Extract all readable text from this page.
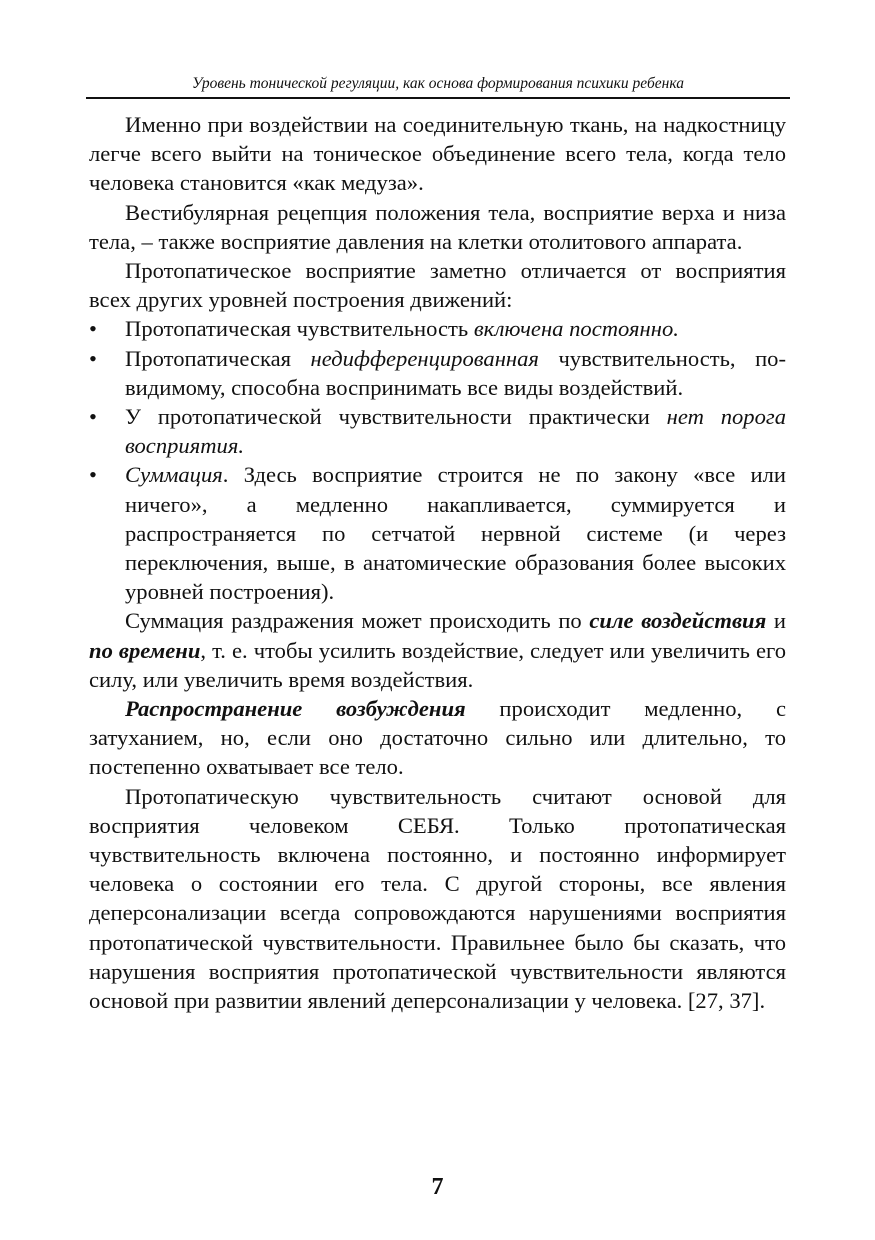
Уровень тонической регуляции, как основа формирования психики ребенка

Именно при воздействии на соединительную ткань, на надкостницу легче всего выйти на тоническое объединение всего тела, когда тело человека становится «как медуза».

Вестибулярная рецепция положения тела, восприятие верха и низа тела, – также восприятие давления на клетки отолитового аппарата.

Протопатическое восприятие заметно отличается от восприятия всех других уровней построения движений:

•	Протопатическая чувствительность включена постоянно.
•	Протопатическая недифференцированная чувствительность, по-видимому, способна воспринимать все виды воздействий.
•	У протопатической чувствительности практически нет порога восприятия.
•	Суммация. Здесь восприятие строится не по закону «все или ничего», а медленно накапливается, суммируется и распространяется по сетчатой нервной системе (и через переключения, выше, в анатомические образования более высоких уровней построения).

Суммация раздражения может происходить по силе воздействия и по времени, т. е. чтобы усилить воздействие, следует или увеличить его силу, или увеличить время воздействия.

Распространение возбуждения происходит медленно, с затуханием, но, если оно достаточно сильно или длительно, то постепенно охватывает все тело.

Протопатическую чувствительность считают основой для восприятия человеком СЕБЯ. Только протопатическая чувствительность включена постоянно, и постоянно информирует человека о состоянии его тела. С другой стороны, все явления деперсонализации всегда сопровождаются нарушениями восприятия протопатической чувствительности. Правильнее было бы сказать, что нарушения восприятия протопатической чувствительности являются основой при развитии явлений деперсонализации у человека. [27, 37].

7
